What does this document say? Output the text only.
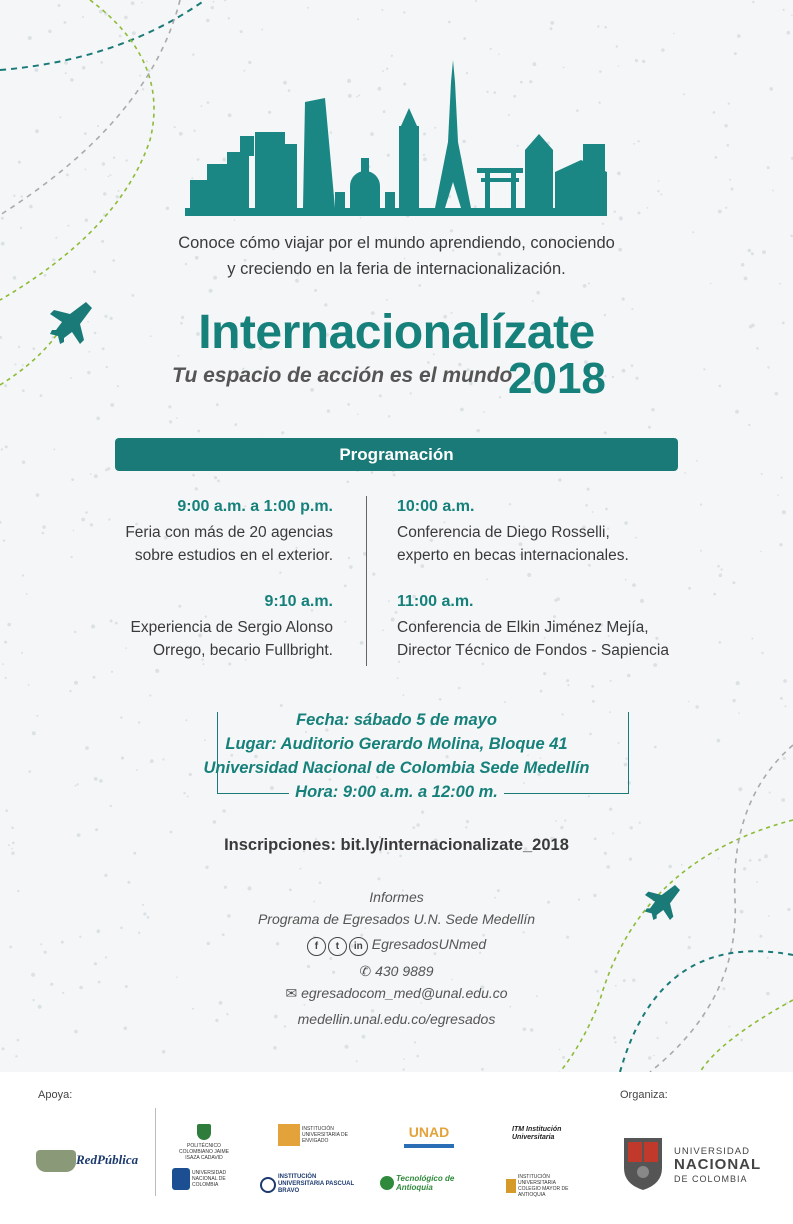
Conoce cómo viajar por el mundo aprendiendo, conociendo
y creciendo en la feria de internacionalización.
Internacionalízate
Tu espacio de acción es el mundo
2018
Programación
9:00 a.m. a 1:00 p.m.
Feria con más de 20 agencias
sobre estudios en el exterior.
9:10 a.m.
Experiencia de Sergio Alonso
Orrego, becario Fullbright.
10:00 a.m.
Conferencia de Diego Rosselli,
experto en becas internacionales.
11:00 a.m.
Conferencia de Elkin Jiménez Mejía,
Director Técnico de Fondos - Sapiencia
Fecha: sábado 5 de mayo
Lugar: Auditorio Gerardo Molina, Bloque 41
Universidad Nacional de Colombia Sede Medellín
Hora: 9:00 a.m. a 12:00 m.
Inscripciones: bit.ly/internacionalizate_2018
Informes
Programa de Egresados U.N. Sede Medellín
f	t	in EgresadosUNmed
✆ 430 9889
✉ egresadocom_med@unal.edu.co
medellin.unal.edu.co/egresados
Apoya:	Organiza:
RedPública
POLITÉCNICO COLOMBIANO JAIME ISAZA CADAVID
INSTITUCIÓN UNIVERSITARIA DE ENVIGADO
UNAD	ITM Institución Universitaria
UNIVERSIDAD NACIONAL DE COLOMBIA
INSTITUCIÓN UNIVERSITARIA PASCUAL BRAVO
Tecnológico de Antioquia
INSTITUCIÓN UNIVERSITARIA COLEGIO MAYOR DE ANTIOQUIA
UNIVERSIDAD
NACIONAL
DE COLOMBIA
